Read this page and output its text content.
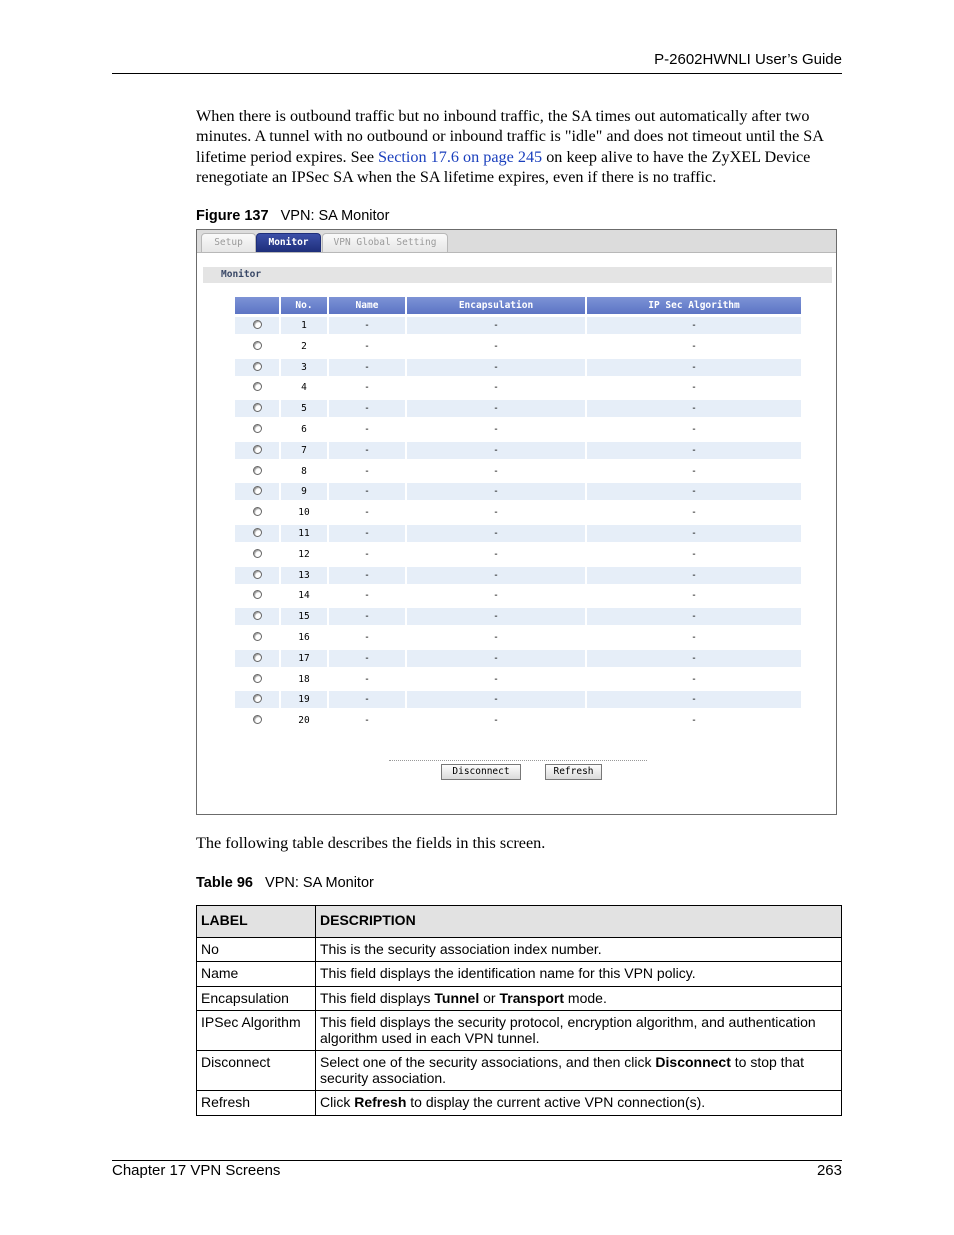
P-2602HWNLI User’s Guide

When there is outbound traffic but no inbound traffic, the SA times out automatically after two minutes. A tunnel with no outbound or inbound traffic is "idle" and does not timeout until the SA lifetime period expires. See Section 17.6 on page 245 on keep alive to have the ZyXEL Device renegotiate an IPSec SA when the SA lifetime expires, even if there is no traffic.

Figure 137 VPN: SA Monitor
Setup	Monitor	VPN Global Setting
Monitor
No.	Name	Encapsulation	IP Sec Algorithm
1	-	-	-
2	-	-	-
3	-	-	-
4	-	-	-
5	-	-	-
6	-	-	-
7	-	-	-
8	-	-	-
9	-	-	-
10	-	-	-
11	-	-	-
12	-	-	-
13	-	-	-
14	-	-	-
15	-	-	-
16	-	-	-
17	-	-	-
18	-	-	-
19	-	-	-
20	-	-	-
Disconnect	Refresh

The following table describes the fields in this screen.

Table 96 VPN: SA Monitor
LABEL	DESCRIPTION
No	This is the security association index number.
Name	This field displays the identification name for this VPN policy.
Encapsulation	This field displays Tunnel or Transport mode.
IPSec Algorithm	This field displays the security protocol, encryption algorithm, and authentication algorithm used in each VPN tunnel.
Disconnect	Select one of the security associations, and then click Disconnect to stop that security association.
Refresh	Click Refresh to display the current active VPN connection(s).
Chapter 17 VPN Screens	263
